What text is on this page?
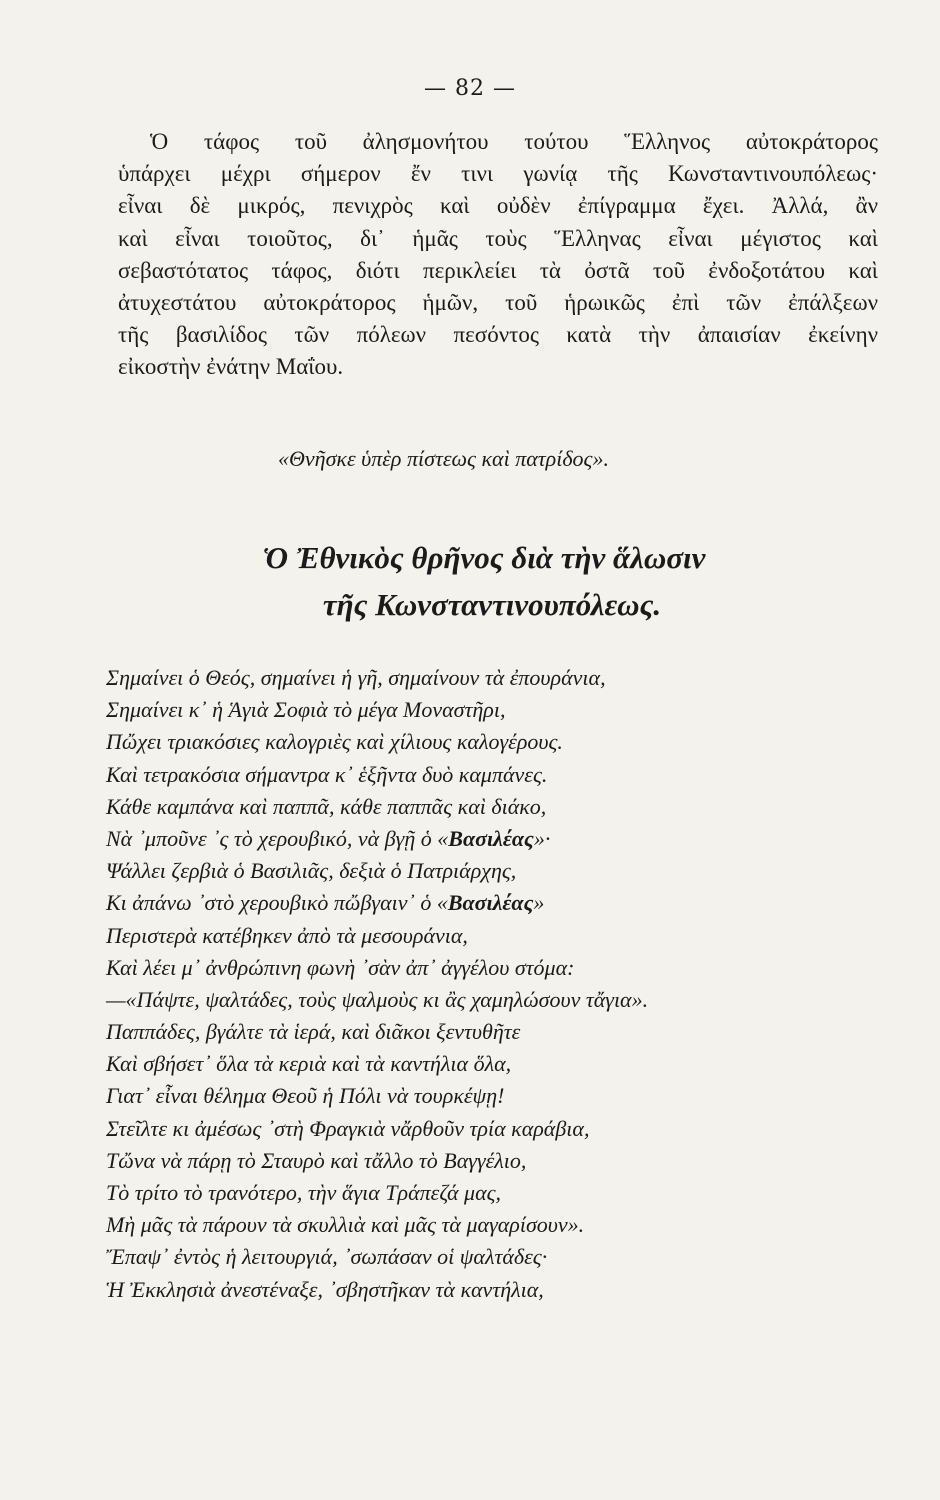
— 82 —
Ὁ τάφος τοῦ ἀλησμονήτου τούτου Ἕλληνος αὐτοκράτορος
ὑπάρχει μέχρι σήμερον ἔν τινι γωνίᾳ τῆς Κωνσταντινουπόλεως·
εἶναι δὲ μικρός, πενιχρὸς καὶ οὐδὲν ἐπίγραμμα ἔχει. Ἀλλά, ἂν
καὶ εἶναι τοιοῦτος, δι᾽ ἡμᾶς τοὺς Ἕλληνας εἶναι μέγιστος καὶ
σεβαστότατος τάφος, διότι περικλείει τὰ ὀστᾶ τοῦ ἐνδοξοτάτου καὶ
ἀτυχεστάτου αὐτοκράτορος ἡμῶν, τοῦ ἡρωικῶς ἐπὶ τῶν ἐπάλξεων
τῆς βασιλίδος τῶν πόλεων πεσόντος κατὰ τὴν ἀπαισίαν ἐκείνην
εἰκοστὴν ἐνάτην Μαΐου.
«Θνῆσκε ὑπὲρ πίστεως καὶ πατρίδος».
Ὁ Ἐθνικὸς θρῆνος διὰ τὴν ἅλωσιν
τῆς Κωνσταντινουπόλεως.
Σημαίνει ὁ Θεός, σημαίνει ἡ γῆ, σημαίνουν τὰ ἐπουράνια,
Σημαίνει κ᾽ ἡ Ἁγιὰ Σοφιὰ τὸ μέγα Μοναστῆρι,
Πὤχει τριακόσιες καλογριὲς καὶ χίλιους καλογέρους.
Καὶ τετρακόσια σήμαντρα κ᾽ ἑξῆντα δυὸ καμπάνες.
Κάθε καμπάνα καὶ παππᾶ, κάθε παππᾶς καὶ διάκο,
Νὰ ᾽μποῦνε ᾽ς τὸ χερουβικό, νὰ βγῇ ὁ «Βασιλέας»·
Ψάλλει ζερβιὰ ὁ Βασιλιᾶς, δεξιὰ ὁ Πατριάρχης,
Κι ἀπάνω ᾽στὸ χερουβικὸ πὤβγαιν᾽ ὁ «Βασιλέας»
Περιστερὰ κατέβηκεν ἀπὸ τὰ μεσουράνια,
Καὶ λέει μ᾽ ἀνθρώπινη φωνὴ ᾽σὰν ἀπ᾽ ἀγγέλου στόμα:
—«Πάψτε, ψαλτάδες, τοὺς ψαλμοὺς κι ἂς χαμηλώσουν τἄγια».
Παππάδες, βγάλτε τὰ ἱερά, καὶ διᾶκοι ξεντυθῆτε
Καὶ σβήσετ᾽ ὅλα τὰ κεριὰ καὶ τὰ καντήλια ὅλα,
Γιατ᾽ εἶναι θέλημα Θεοῦ ἡ Πόλι νὰ τουρκέψῃ!
Στεῖλτε κι ἀμέσως ᾽στὴ Φραγκιὰ νἄρθοῦν τρία καράβια,
Τὤνα νὰ πάρῃ τὸ Σταυρὸ καὶ τἄλλο τὸ Βαγγέλιο,
Τὸ τρίτο τὸ τρανότερο, τὴν ἅγια Τράπεζά μας,
Μὴ μᾶς τὰ πάρουν τὰ σκυλλιὰ καὶ μᾶς τὰ μαγαρίσουν».
Ἔπαψ᾽ ἐντὸς ἡ λειτουργιά, ᾽σωπάσαν οἱ ψαλτάδες·
Ἡ Ἐκκλησιὰ ἀνεστέναξε, ᾽σβηστῆκαν τὰ καντήλια,
